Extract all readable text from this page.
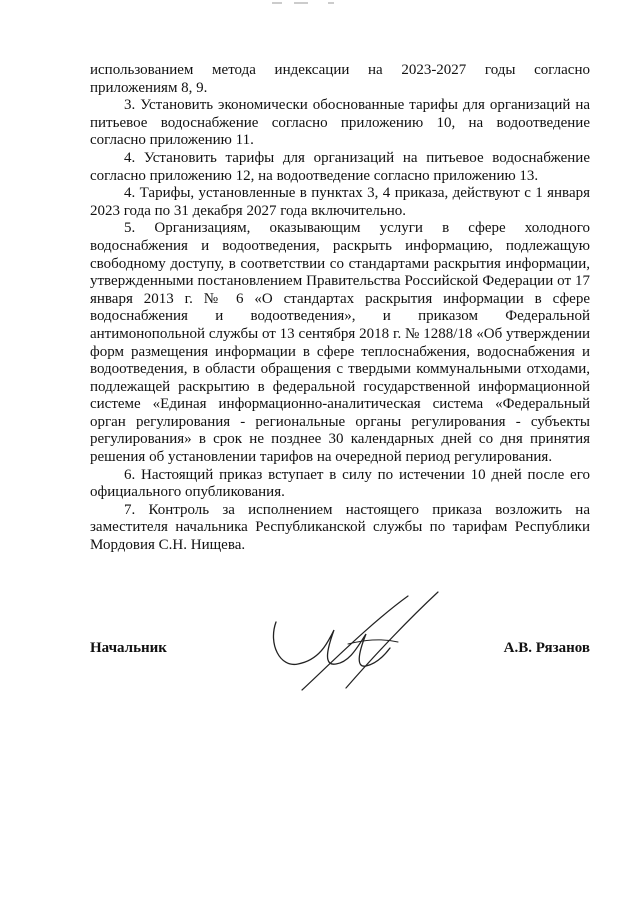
использованием метода индексации на 2023-2027 годы согласно приложениям 8, 9.

3. Установить экономически обоснованные тарифы для организаций на питьевое водоснабжение согласно приложению 10, на водоотведение согласно приложению 11.

4. Установить тарифы для организаций на питьевое водоснабжение согласно приложению 12, на водоотведение согласно приложению 13.

4. Тарифы, установленные в пунктах 3, 4 приказа, действуют с 1 января 2023 года по 31 декабря 2027 года включительно.

5. Организациям, оказывающим услуги в сфере холодного водоснабжения и водоотведения, раскрыть информацию, подлежащую свободному доступу, в соответствии со стандартами раскрытия информации, утвержденными постановлением Правительства Российской Федерации от 17 января 2013 г. № 6 «О стандартах раскрытия информации в сфере водоснабжения и водоотведения», и приказом Федеральной антимонопольной службы от 13 сентября 2018 г. № 1288/18 «Об утверждении форм размещения информации в сфере теплоснабжения, водоснабжения и водоотведения, в области обращения с твердыми коммунальными отходами, подлежащей раскрытию в федеральной государственной информационной системе «Единая информационно-аналитическая система «Федеральный орган регулирования - региональные органы регулирования - субъекты регулирования» в срок не позднее 30 календарных дней со дня принятия решения об установлении тарифов на очередной период регулирования.

6. Настоящий приказ вступает в силу по истечении 10 дней после его официального опубликования.

7. Контроль за исполнением настоящего приказа возложить на заместителя начальника Республиканской службы по тарифам Республики Мордовия С.Н. Нищева.

Начальник	А.В. Рязанов
